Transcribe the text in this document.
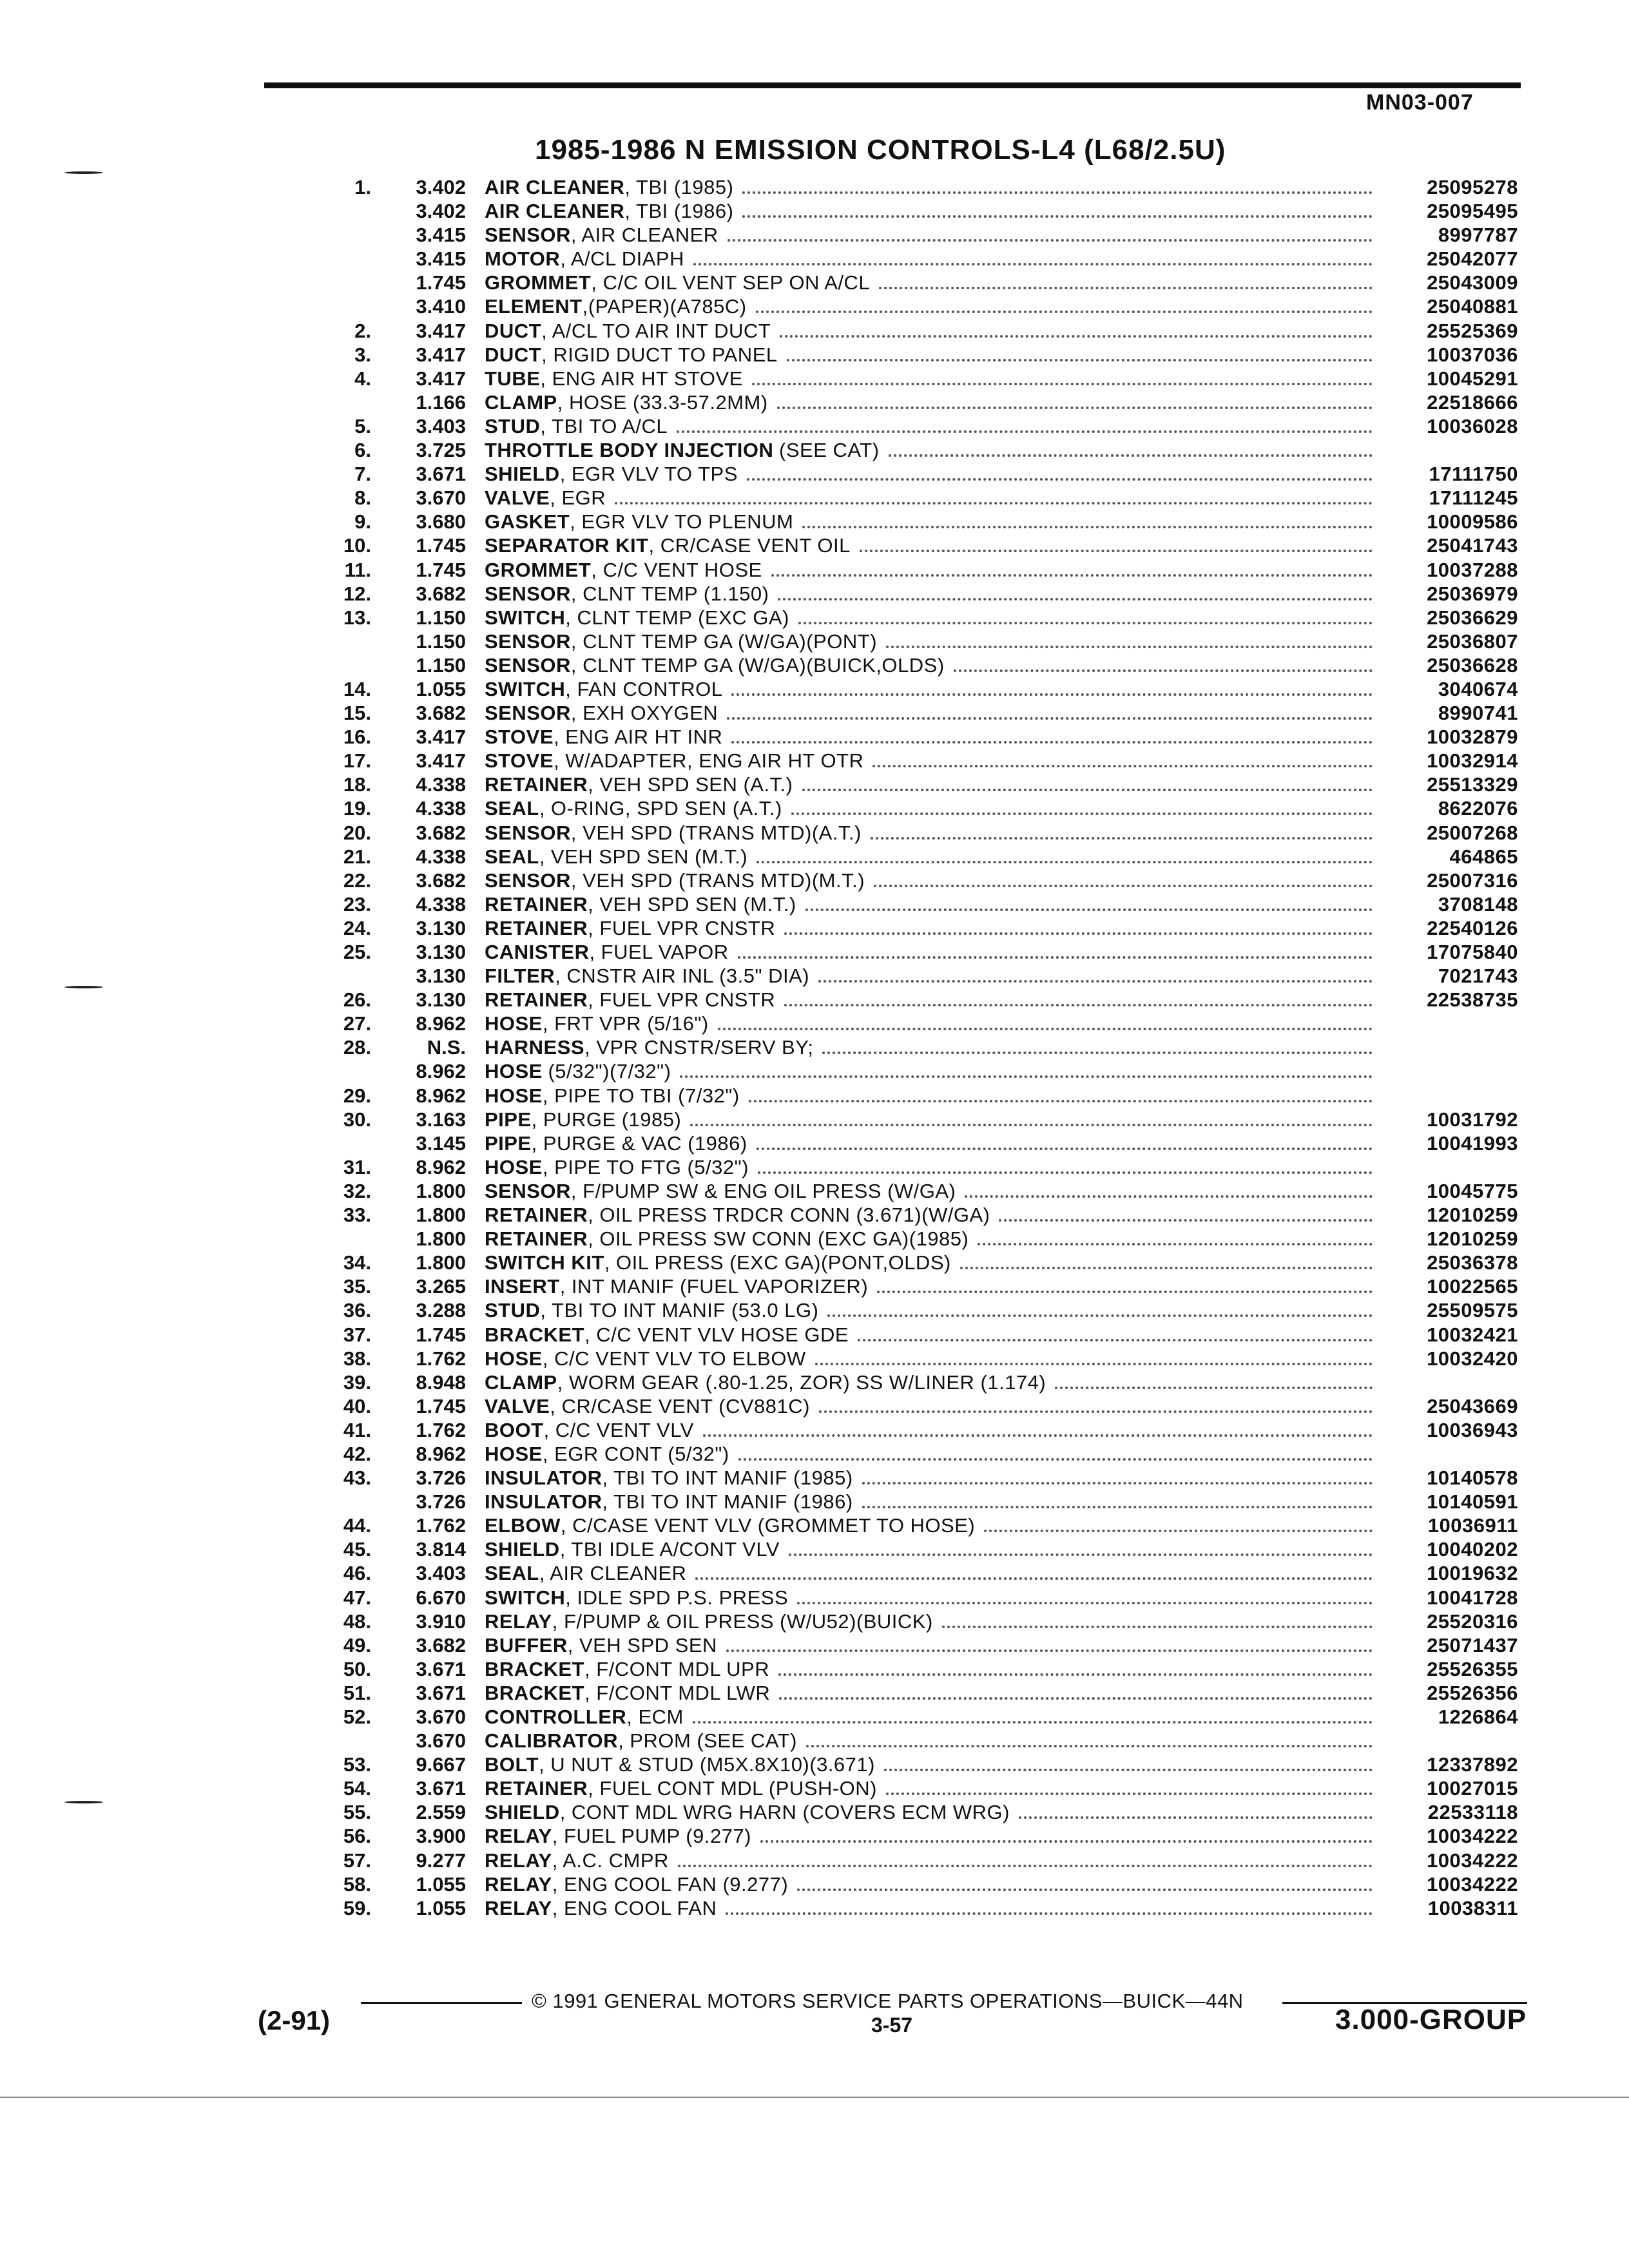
MN03-007
1985-1986 N EMISSION CONTROLS-L4 (L68/2.5U)
1.	3.402 AIR CLEANER , TBI (1985)	25095278
3.402 AIR CLEANER , TBI (1986)	25095495
3.415 SENSOR , AIR CLEANER	8997787
3.415 MOTOR , A/CL DIAPH	25042077
1.745 GROMMET , C/C OIL VENT SEP ON A/CL	25043009
3.410 ELEMENT ,(PAPER)(A785C)	25040881
2.	3.417 DUCT , A/CL TO AIR INT DUCT	25525369
3.	3.417 DUCT , RIGID DUCT TO PANEL	10037036
4.	3.417 TUBE , ENG AIR HT STOVE	10045291
1.166 CLAMP , HOSE (33.3-57.2MM)	22518666
5.	3.403 STUD , TBI TO A/CL	10036028
6.	3.725 THROTTLE BODY INJECTION
(SEE CAT)
7.	3.671 SHIELD , EGR VLV TO TPS	17111750
8.	3.670 VALVE , EGR	17111245
9.	3.680 GASKET , EGR VLV TO PLENUM	10009586
10.	1.745 SEPARATOR KIT , CR/CASE VENT OIL	25041743
11.	1.745 GROMMET , C/C VENT HOSE	10037288
12.	3.682 SENSOR , CLNT TEMP (1.150)	25036979
13.	1.150 SWITCH , CLNT TEMP (EXC GA)	25036629
1.150 SENSOR , CLNT TEMP GA (W/GA)(PONT)	25036807
1.150 SENSOR , CLNT TEMP GA (W/GA)(BUICK,OLDS)	25036628
14.	1.055 SWITCH , FAN CONTROL	3040674
15.	3.682 SENSOR , EXH OXYGEN	8990741
16.	3.417 STOVE , ENG AIR HT INR	10032879
17.	3.417 STOVE , W/ADAPTER, ENG AIR HT OTR	10032914
18.	4.338 RETAINER , VEH SPD SEN (A.T.)	25513329
19.	4.338 SEAL , O-RING, SPD SEN (A.T.)	8622076
20.	3.682 SENSOR , VEH SPD (TRANS MTD)(A.T.)	25007268
21.	4.338 SEAL , VEH SPD SEN (M.T.)	464865
22.	3.682 SENSOR , VEH SPD (TRANS MTD)(M.T.)	25007316
23.	4.338 RETAINER , VEH SPD SEN (M.T.)	3708148
24.	3.130 RETAINER , FUEL VPR CNSTR	22540126
25.	3.130 CANISTER , FUEL VAPOR	17075840
3.130 FILTER , CNSTR AIR INL (3.5" DIA)	7021743
26.	3.130 RETAINER , FUEL VPR CNSTR	22538735
27.	8.962 HOSE , FRT VPR (5/16")
28.	N.S. HARNESS , VPR CNSTR/SERV BY;
8.962 HOSE
(5/32")(7/32")
29.	8.962 HOSE , PIPE TO TBI (7/32")
30.	3.163 PIPE , PURGE (1985)	10031792
3.145 PIPE , PURGE & VAC (1986)	10041993
31.	8.962 HOSE , PIPE TO FTG (5/32")
32.	1.800 SENSOR , F/PUMP SW & ENG OIL PRESS (W/GA)	10045775
33.	1.800 RETAINER , OIL PRESS TRDCR CONN (3.671)(W/GA)	12010259
1.800 RETAINER , OIL PRESS SW CONN (EXC GA)(1985)	12010259
34.	1.800 SWITCH KIT , OIL PRESS (EXC GA)(PONT,OLDS)	25036378
35.	3.265 INSERT , INT MANIF (FUEL VAPORIZER)	10022565
36.	3.288 STUD , TBI TO INT MANIF (53.0 LG)	25509575
37.	1.745 BRACKET , C/C VENT VLV HOSE GDE	10032421
38.	1.762 HOSE , C/C VENT VLV TO ELBOW	10032420
39.	8.948 CLAMP , WORM GEAR (.80-1.25, ZOR) SS W/LINER (1.174)
40.	1.745 VALVE , CR/CASE VENT (CV881C)	25043669
41.	1.762 BOOT , C/C VENT VLV	10036943
42.	8.962 HOSE , EGR CONT (5/32")
43.	3.726 INSULATOR , TBI TO INT MANIF (1985)	10140578
3.726 INSULATOR , TBI TO INT MANIF (1986)	10140591
44.	1.762 ELBOW , C/CASE VENT VLV (GROMMET TO HOSE)	10036911
45.	3.814 SHIELD , TBI IDLE A/CONT VLV	10040202
46.	3.403 SEAL , AIR CLEANER	10019632
47.	6.670 SWITCH , IDLE SPD P.S. PRESS	10041728
48.	3.910 RELAY , F/PUMP & OIL PRESS (W/U52)(BUICK)	25520316
49.	3.682 BUFFER , VEH SPD SEN	25071437
50.	3.671 BRACKET , F/CONT MDL UPR	25526355
51.	3.671 BRACKET , F/CONT MDL LWR	25526356
52.	3.670 CONTROLLER , ECM	1226864
3.670 CALIBRATOR , PROM (SEE CAT)
53.	9.667 BOLT , U NUT & STUD (M5X.8X10)(3.671)	12337892
54.	3.671 RETAINER , FUEL CONT MDL (PUSH-ON)	10027015
55.	2.559 SHIELD , CONT MDL WRG HARN (COVERS ECM WRG)	22533118
56.	3.900 RELAY , FUEL PUMP (9.277)	10034222
57.	9.277 RELAY , A.C. CMPR	10034222
58.	1.055 RELAY , ENG COOL FAN (9.277)	10034222
59.	1.055 RELAY , ENG COOL FAN	10038311
© 1991 GENERAL MOTORS SERVICE PARTS OPERATIONS—BUICK—44N
(2-91)	3-57	3.000-GROUP
